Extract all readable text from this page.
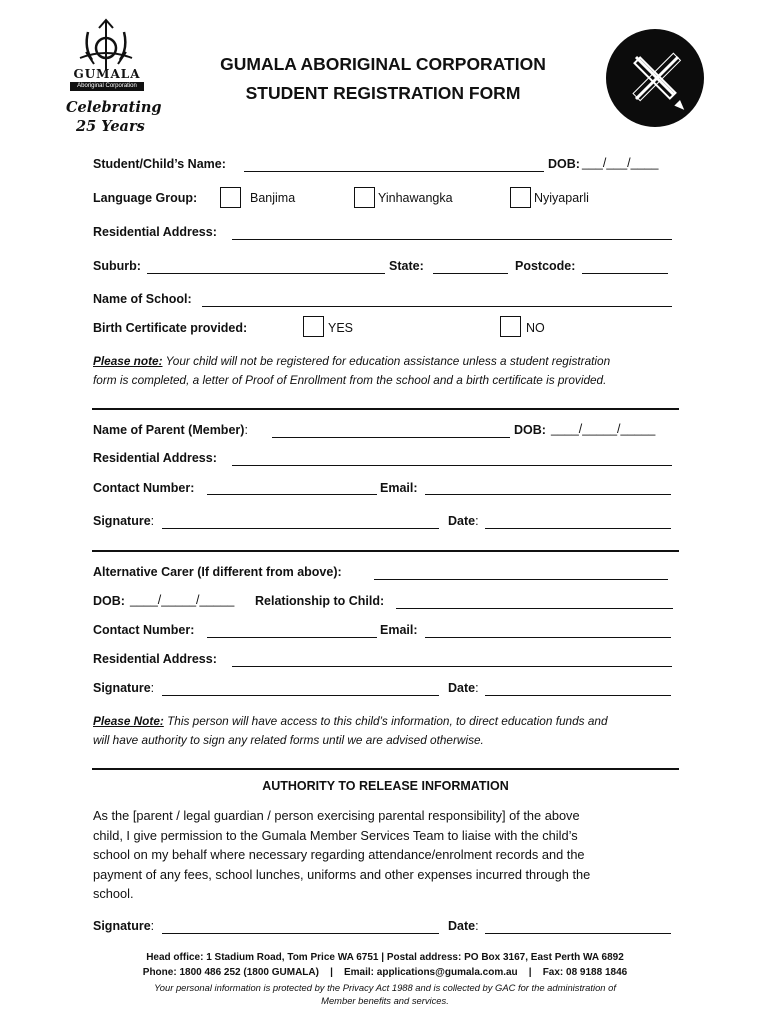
GUMALA
Aboriginal Corporation
Celebrating
25 Years
GUMALA ABORIGINAL CORPORATION
STUDENT REGISTRATION FORM
Student/Child’s Name:	DOB: ___/___/____
Language Group:	Banjima	Yinhawangka	Nyiyaparli
Residential Address:
Suburb:	State:	Postcode:
Name of School:
Birth Certificate provided:	YES	NO
Please note: Your child will not be registered for education assistance unless a student registration
form is completed, a letter of Proof of Enrollment from the school and a birth certificate is provided.
Name of Parent (Member):	DOB: ____/_____/_____
Residential Address:
Contact Number:	Email:
Signature:	Date:
Alternative Carer (If different from above):
DOB: ____/_____/_____ Relationship to Child:
Contact Number:	Email:
Residential Address:
Signature:	Date:
Please Note: This person will have access to this child’s information, to direct education funds and
will have authority to sign any related forms until we are advised otherwise.
AUTHORITY TO RELEASE INFORMATION
As the [parent / legal guardian / person exercising parental responsibility] of the above
child, I give permission to the Gumala Member Services Team to liaise with the child’s
school on my behalf where necessary regarding attendance/enrolment records and the
payment of any fees, school lunches, uniforms and other expenses incurred through the
school.
Signature:	Date:
Head office: 1 Stadium Road, Tom Price WA 6751 | Postal address: PO Box 3167, East Perth WA 6892
Phone: 1800 486 252 (1800 GUMALA)    |    Email: applications@gumala.com.au    |    Fax: 08 9188 1846
Your personal information is protected by the Privacy Act 1988 and is collected by GAC for the administration of
Member benefits and services.
